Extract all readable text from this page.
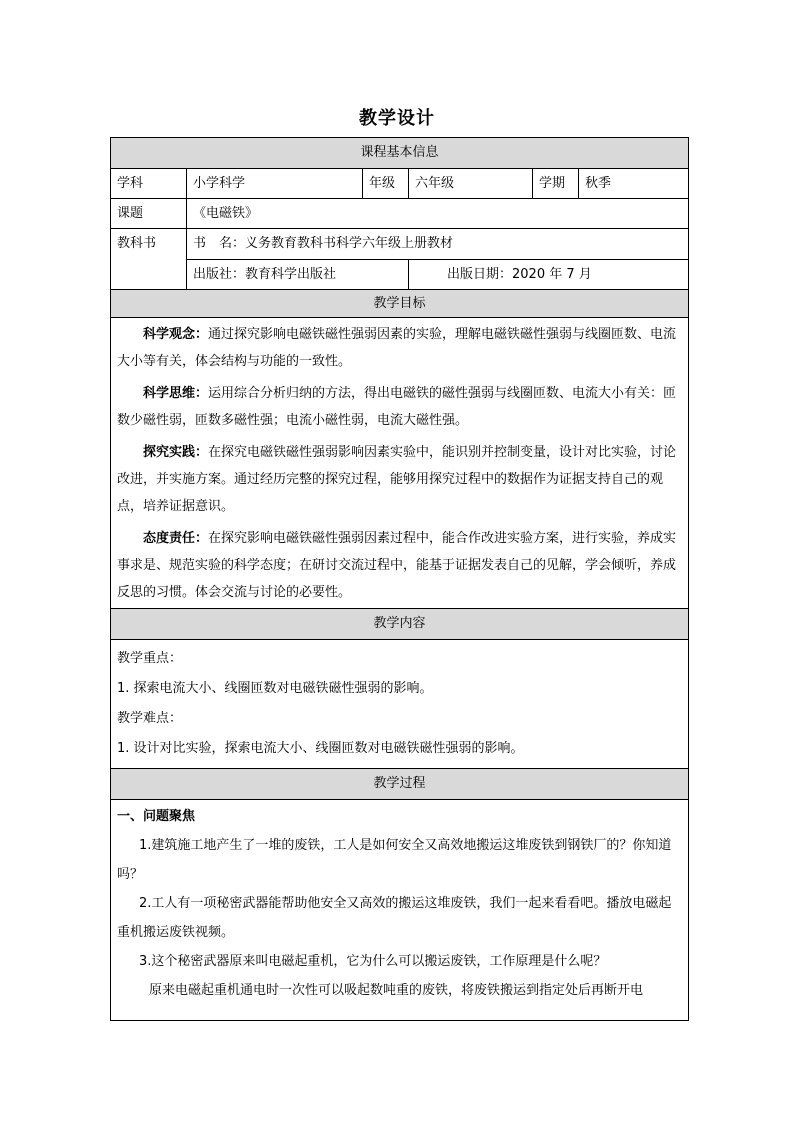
教学设计
课程基本信息					
学科	小学科学	年级	六年级	学期	秋季
课题	《电磁铁》				
教科书	书　名：义务教育教科书科学六年级上册教材				
	出版社：教育科学出版社		出版日期：2020 年 7 月		
教学目标					

科学观念：通过探究影响电磁铁磁性强弱因素的实验，理解电磁铁磁性强弱与线圈匝数、电流大小等有关，体会结构与功能的一致性。

科学思维：运用综合分析归纳的方法，得出电磁铁的磁性强弱与线圈匝数、电流大小有关：匝数少磁性弱，匝数多磁性强；电流小磁性弱，电流大磁性强。

探究实践：在探究电磁铁磁性强弱影响因素实验中，能识别并控制变量，设计对比实验，讨论改进，并实施方案。通过经历完整的探究过程，能够用探究过程中的数据作为证据支持自己的观点，培养证据意识。

态度责任：在探究影响电磁铁磁性强弱因素过程中，能合作改进实验方案，进行实验，养成实事求是、规范实验的科学态度；在研讨交流过程中，能基于证据发表自己的见解，学会倾听，养成反思的习惯。体会交流与讨论的必要性。					

教学内容					

教学重点：

1. 探索电流大小、线圈匝数对电磁铁磁性强弱的影响。

教学难点：

1. 设计对比实验，探索电流大小、线圈匝数对电磁铁磁性强弱的影响。					

教学过程					

一、问题聚焦

1.建筑施工地产生了一堆的废铁，工人是如何安全又高效地搬运这堆废铁到钢铁厂的？你知道吗？

2.工人有一项秘密武器能帮助他安全又高效的搬运这堆废铁，我们一起来看看吧。播放电磁起重机搬运废铁视频。

3.这个秘密武器原来叫电磁起重机，它为什么可以搬运废铁，工作原理是什么呢？

原来电磁起重机通电时一次性可以吸起数吨重的废铁，将废铁搬运到指定处后再断开电					
